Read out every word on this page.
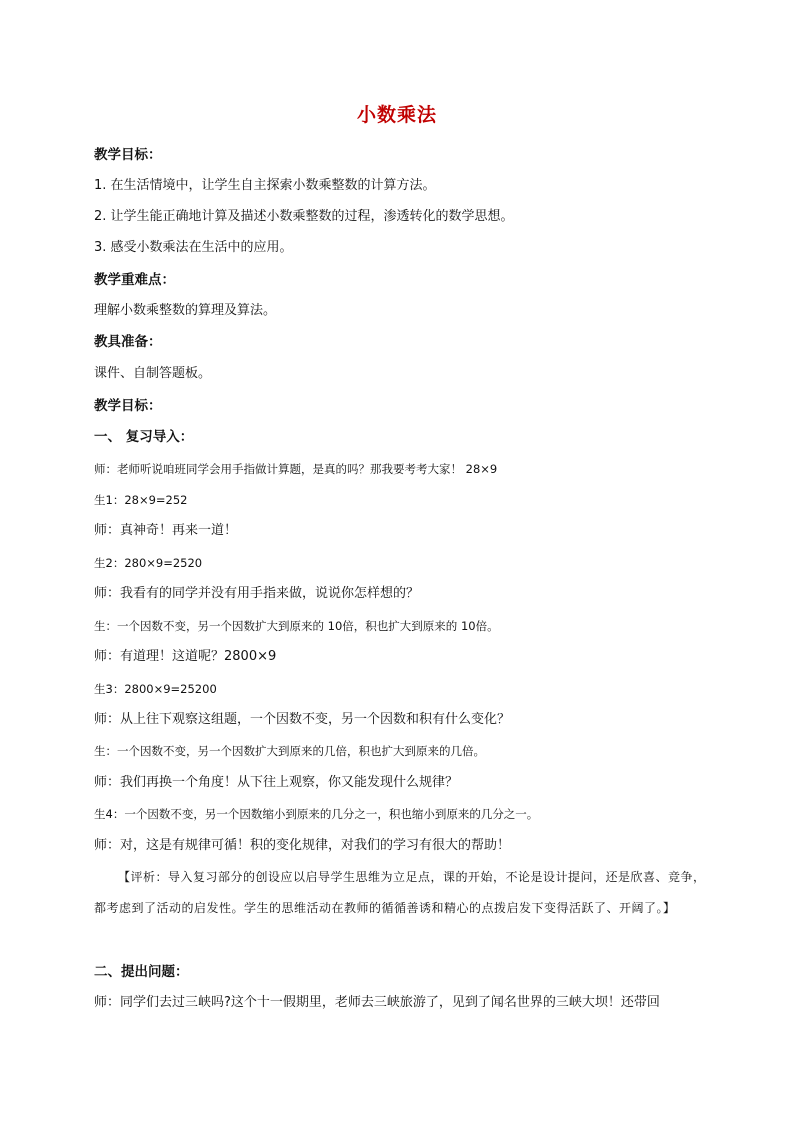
小数乘法
教学目标：
1. 在生活情境中，让学生自主探索小数乘整数的计算方法。
2. 让学生能正确地计算及描述小数乘整数的过程，渗透转化的数学思想。
3. 感受小数乘法在生活中的应用。
教学重难点：
理解小数乘整数的算理及算法。
教具准备：
课件、自制答题板。
教学目标：
一、 复习导入：
师：老师听说咱班同学会用手指做计算题，是真的吗？那我要考考大家！ 28×9
生1：28×9=252
师：真神奇！再来一道！
生2：280×9=2520
师：我看有的同学并没有用手指来做，说说你怎样想的？
生：一个因数不变，另一个因数扩大到原来的 10倍，积也扩大到原来的 10倍。
师：有道理！这道呢？2800×9
生3：2800×9=25200
师：从上往下观察这组题，一个因数不变，另一个因数和积有什么变化？
生：一个因数不变，另一个因数扩大到原来的几倍，积也扩大到原来的几倍。
师：我们再换一个角度！从下往上观察，你又能发现什么规律？
生4：一个因数不变，另一个因数缩小到原来的几分之一，积也缩小到原来的几分之一。
师：对，这是有规律可循！积的变化规律，对我们的学习有很大的帮助！
【评析：导入复习部分的创设应以启导学生思维为立足点，课的开始，不论是设计提问，还是欣喜、竞争，都考虑到了活动的启发性。学生的思维活动在教师的循循善诱和精心的点拨启发下变得活跃了、开阔了。】
二、提出问题：
师：同学们去过三峡吗?这个十一假期里，老师去三峡旅游了，见到了闻名世界的三峡大坝！还带回
